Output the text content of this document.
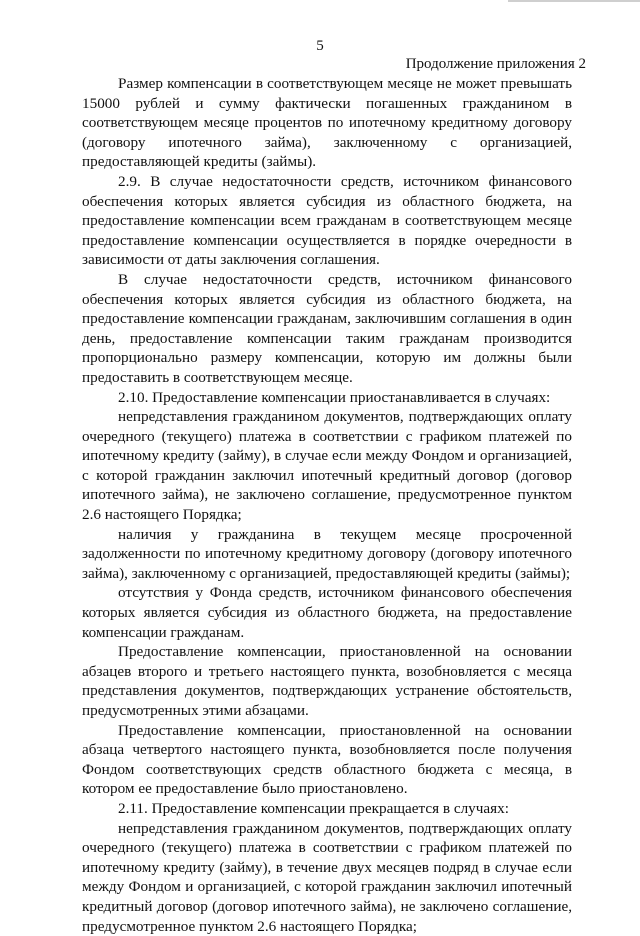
5
Продолжение приложения 2

Размер компенсации в соответствующем месяце не может превышать 15000 рублей и сумму фактически погашенных гражданином в соответствующем месяце процентов по ипотечному кредитному договору (договору ипотечного займа), заключенному с организацией, предоставляющей кредиты (займы).

2.9. В случае недостаточности средств, источником финансового обеспечения которых является субсидия из областного бюджета, на предоставление компенсации всем гражданам в соответствующем месяце предоставление компенсации осуществляется в порядке очередности в зависимости от даты заключения соглашения.

В случае недостаточности средств, источником финансового обеспечения которых является субсидия из областного бюджета, на предоставление компенсации гражданам, заключившим соглашения в один день, предоставление компенсации таким гражданам производится пропорционально размеру компенсации, которую им должны были предоставить в соответствующем месяце.

2.10. Предоставление компенсации приостанавливается в случаях:

непредставления гражданином документов, подтверждающих оплату очередного (текущего) платежа в соответствии с графиком платежей по ипотечному кредиту (займу), в случае если между Фондом и организацией, с которой гражданин заключил ипотечный кредитный договор (договор ипотечного займа), не заключено соглашение, предусмотренное пунктом 2.6 настоящего Порядка;

наличия у гражданина в текущем месяце просроченной задолженности по ипотечному кредитному договору (договору ипотечного займа), заключенному с организацией, предоставляющей кредиты (займы);

отсутствия у Фонда средств, источником финансового обеспечения которых является субсидия из областного бюджета, на предоставление компенсации гражданам.

Предоставление компенсации, приостановленной на основании абзацев второго и третьего настоящего пункта, возобновляется с месяца представления документов, подтверждающих устранение обстоятельств, предусмотренных этими абзацами.

Предоставление компенсации, приостановленной на основании абзаца четвертого настоящего пункта, возобновляется после получения Фондом соответствующих средств областного бюджета с месяца, в котором ее предоставление было приостановлено.

2.11. Предоставление компенсации прекращается в случаях:

непредставления гражданином документов, подтверждающих оплату очередного (текущего) платежа в соответствии с графиком платежей по ипотечному кредиту (займу), в течение двух месяцев подряд в случае если между Фондом и организацией, с которой гражданин заключил ипотечный кредитный договор (договор ипотечного займа), не заключено соглашение, предусмотренное пунктом 2.6 настоящего Порядка;
